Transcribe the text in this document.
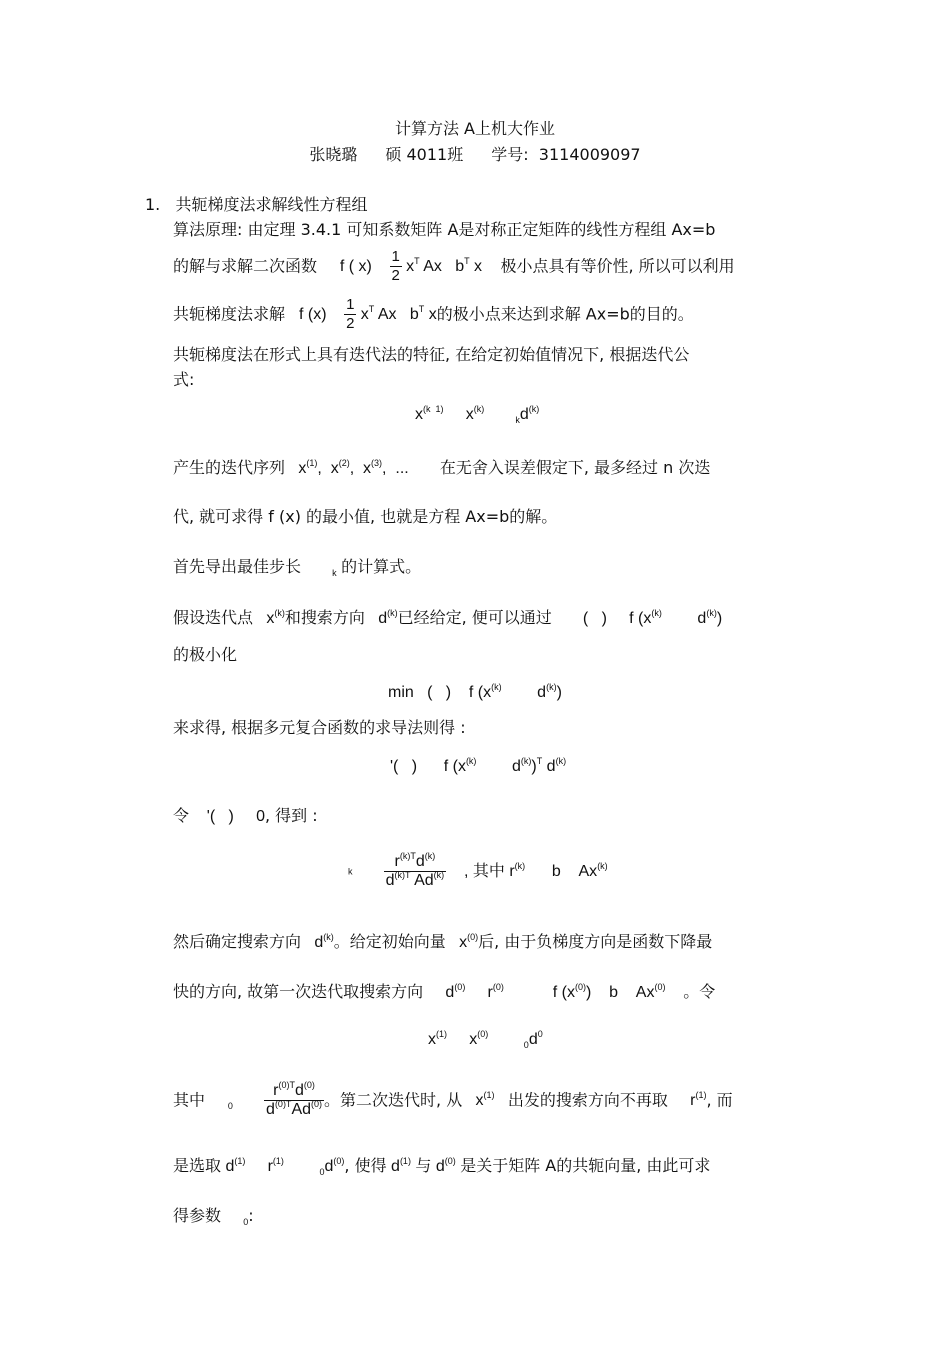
计算方法 A上机大作业
张晓璐 硕 4011班 学号: 3114009097
1. 共轭梯度法求解线性方程组
算法原理: 由定理 3.4.1 可知系数矩阵 A是对称正定矩阵的线性方程组 Ax=b
的解与求解二次函数     f ( $x) \frac{1}{2} x^T$ Ax   $b^T$ x    极小点具有等价性, 所以可以利用
共轭梯度法求解   f $(x) \frac{1}{2} x^T$ Ax   $b^T$ x的极小点来达到求解 Ax=b的目的。
共轭梯度法在形式上具有迭代法的特征, 在给定初始值情况下, 根据迭代公
式:
$x^{(k 1)}$     $x^{(k)}$       $_kd^{(k)}$
产生的迭代序列   $x^{(1)}$,  $x^{(2)}$,  $x^{(3)}$,  ...       在无舍入误差假定下, 最多经过 n 次迭
代, 就可求得 f (x) 的最小值, 也就是方程 Ax=b的解。
首先导出最佳步长	$_k$ 的计算式。
假设迭代点   $x^{(k)}$和搜索方向   $d^{(k)}$已经给定, 便可以通过       (   )     f ($x^{(k)}$        $d^{(k)}$)
的极小化
min   (   )    f ($x^{(k)}$        $d^{(k)}$)
来求得, 根据多元复合函数的求导法则得 :
'(   )      f ($x^{(k)}$        $d^{(k)})^T$ $d^{(k)}$
令    '(   )     0, 得到 :
k $\frac{r^{(k)T}d^{(k)}}{d^{(k)T} Ad^{(k)}}$ , 其中 $r^{(k)}$      b    Ax$^{(k)}$
然后确定搜索方向   $d^{(k)}$。给定初始向量   $x^{(0)}$后, 由于负梯度方向是函数下降最
快的方向, 故第一次迭代取搜索方向     $d^{(0)}$     $r^{(0)}$           f $(x^{(0)})$    b    Ax$^{(0)}$ 。令
$x^{(1)}$     $x^{(0)}$        $_0d^0$
其中	$_0 \frac{r^{(0)T}d^{(0)}}{d^{(0)T}Ad^{(0)}}$ 。第二次迭代时, 从   $x^{(1)}$ 出发的搜索方向不再取     $r^{(1)}$, 而
是选取 $d^{(1)}$     $r^{(1)}$        $_0d^{(0)}$, 使得 $d^{(1)}$ 与 $d^{(0)}$ 是关于矩阵 A的共轭向量, 由此可求
得参数 $_0$:
